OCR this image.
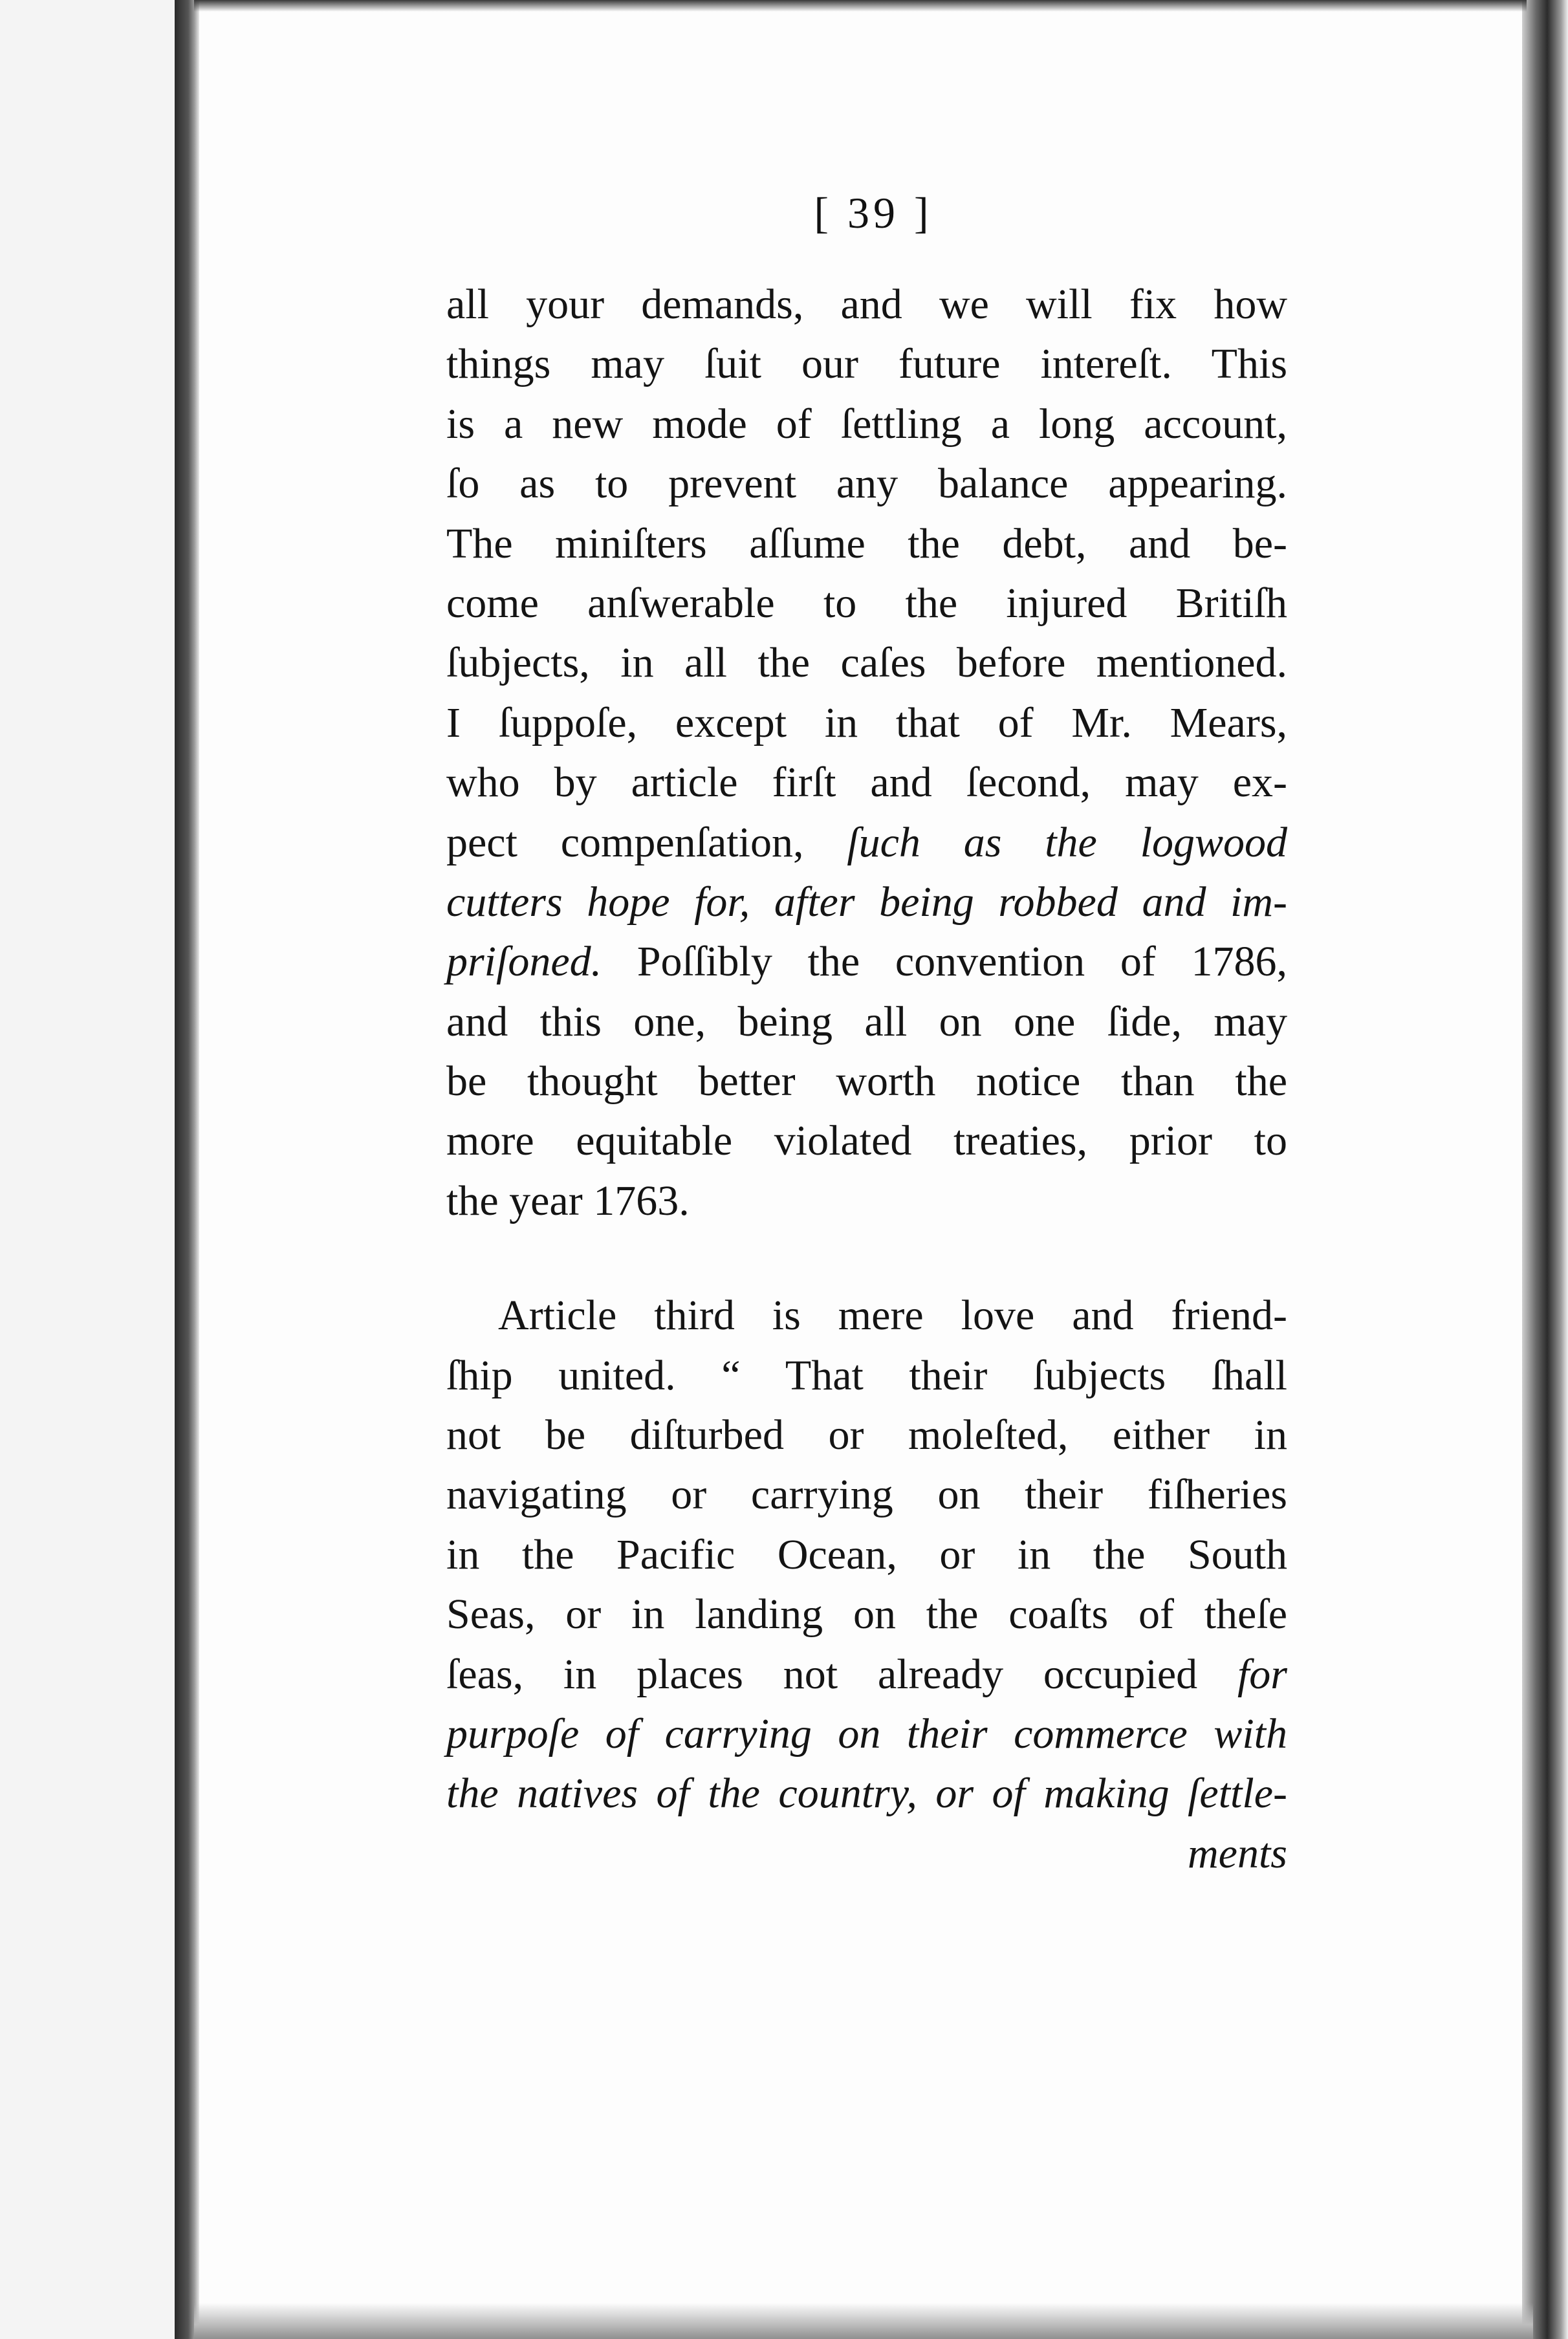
[ 39 ]
all your demands, and we will fix how
things may ſuit our future intereſt. This
is a new mode of ſettling a long account,
ſo as to prevent any balance appearing.
The miniſters aſſume the debt, and be-
come anſwerable to the injured Britiſh
ſubjects, in all the caſes before mentioned.
I ſuppoſe, except in that of Mr. Mears,
who by article firſt and ſecond, may ex-
pect compenſation, ſuch as the logwood
cutters hope for, after being robbed and im-
priſoned. Poſſibly the convention of 1786,
and this one, being all on one ſide, may
be thought better worth notice than the
more equitable violated treaties, prior to
the year 1763.
Article third is mere love and friend-
ſhip united. “ That their ſubjects ſhall
not be diſturbed or moleſted, either in
navigating or carrying on their fiſheries
in the Pacific Ocean, or in the South
Seas, or in landing on the coaſts of theſe
ſeas, in places not already occupied for
purpoſe of carrying on their commerce with
the natives of the country, or of making ſettle-
ments
